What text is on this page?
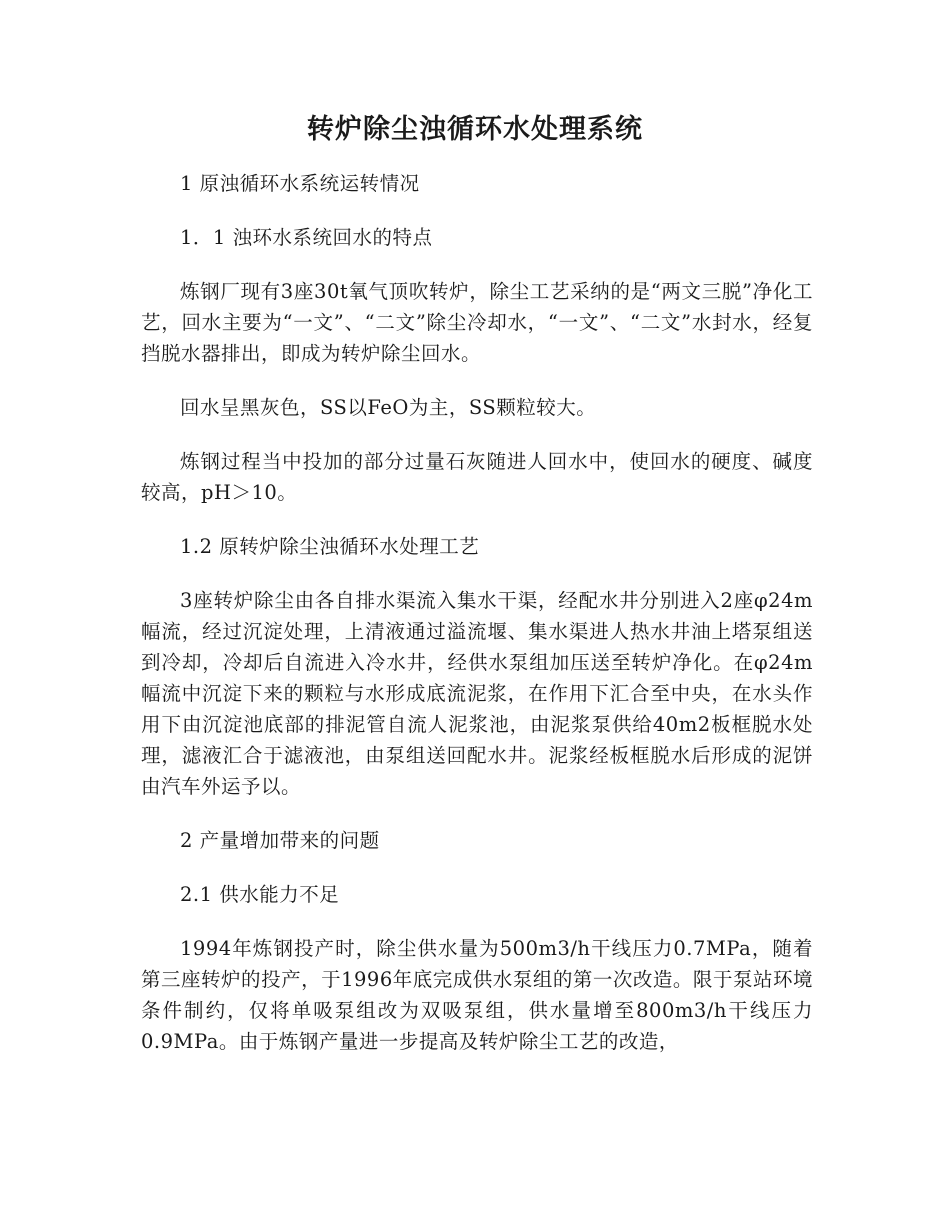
转炉除尘浊循环水处理系统

1 原浊循环水系统运转情况

1．1 浊环水系统回水的特点

炼钢厂现有3座30t氧气顶吹转炉，除尘工艺采纳的是“两文三脱”净化工艺，回水主要为“一文”、“二文”除尘冷却水，“一文”、“二文”水封水，经复挡脱水器排出，即成为转炉除尘回水。

回水呈黑灰色，SS以FeO为主，SS颗粒较大。

炼钢过程当中投加的部分过量石灰随进人回水中，使回水的硬度、碱度较高，pH＞10。

1.2 原转炉除尘浊循环水处理工艺

3座转炉除尘由各自排水渠流入集水干渠，经配水井分别进入2座φ24m幅流，经过沉淀处理，上清液通过溢流堰、集水渠进人热水井油上塔泵组送到冷却，冷却后自流进入冷水井，经供水泵组加压送至转炉净化。在φ24m幅流中沉淀下来的颗粒与水形成底流泥浆，在作用下汇合至中央，在水头作用下由沉淀池底部的排泥管自流人泥浆池，由泥浆泵供给40m2板框脱水处理，滤液汇合于滤液池，由泵组送回配水井。泥浆经板框脱水后形成的泥饼由汽车外运予以。

2 产量增加带来的问题

2.1 供水能力不足

1994年炼钢投产时，除尘供水量为500m3/h干线压力0.7MPa，随着第三座转炉的投产，于1996年底完成供水泵组的第一次改造。限于泵站环境条件制约，仅将单吸泵组改为双吸泵组，供水量增至800m3/h干线压力0.9MPa。由于炼钢产量进一步提高及转炉除尘工艺的改造，
